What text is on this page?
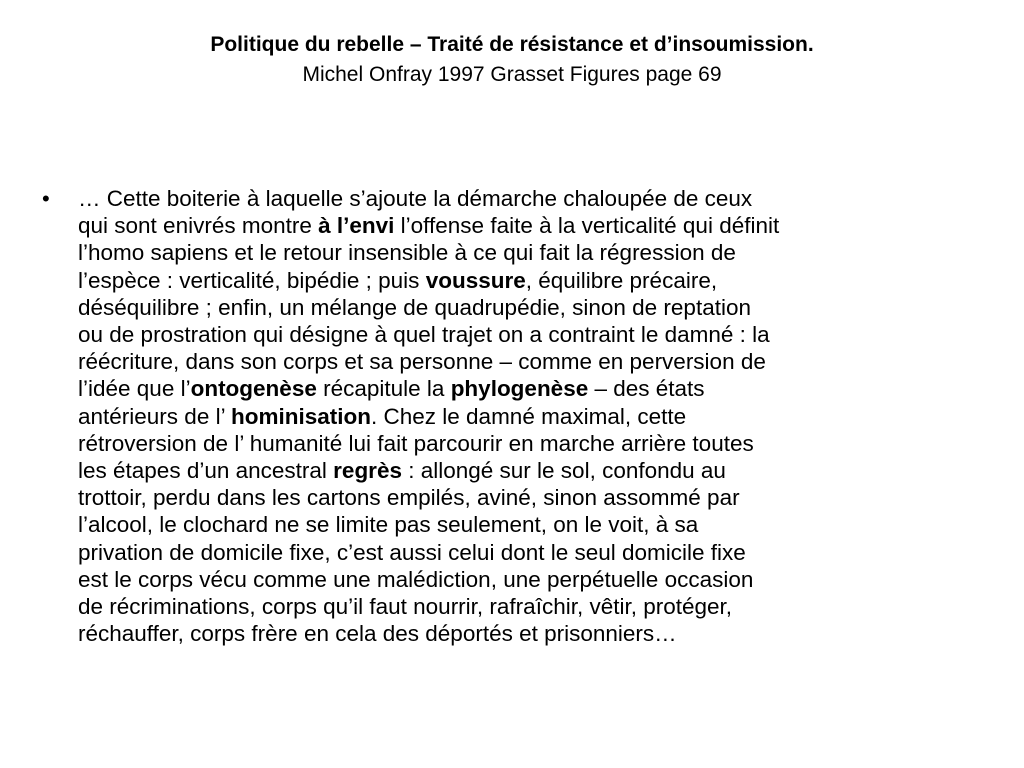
Politique du rebelle – Traité de résistance et d’insoumission.
Michel Onfray 1997 Grasset Figures page 69
•	… Cette boiterie à laquelle s’ajoute la démarche chaloupée de ceux
qui sont enivrés montre à l’envi l’offense faite à la verticalité qui définit
l’homo sapiens et le retour insensible à ce qui fait la régression de
l’espèce : verticalité, bipédie ; puis voussure, équilibre précaire,
déséquilibre ; enfin, un mélange de quadrupédie, sinon de reptation
ou de prostration qui désigne à quel trajet on a contraint le damné : la
réécriture, dans son corps et sa personne – comme en perversion de
l’idée que l’ontogenèse récapitule la phylogenèse – des états
antérieurs de l’ hominisation. Chez le damné maximal, cette
rétroversion de l’ humanité lui fait parcourir en marche arrière toutes
les étapes d’un ancestral regrès : allongé sur le sol, confondu au
trottoir, perdu dans les cartons empilés, aviné, sinon assommé par
l’alcool, le clochard ne se limite pas seulement, on le voit, à sa
privation de domicile fixe, c’est aussi celui dont le seul domicile fixe
est le corps vécu comme une malédiction, une perpétuelle occasion
de récriminations, corps qu’il faut nourrir, rafraîchir, vêtir, protéger,
réchauffer, corps frère en cela des déportés et prisonniers…
